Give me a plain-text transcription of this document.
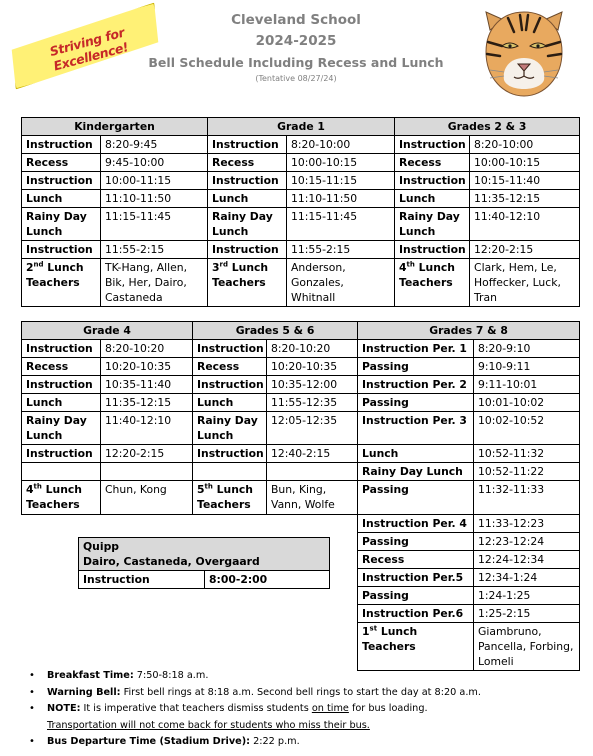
Striving for Excellence!
Cleveland School
2024-2025
Bell Schedule Including Recess and Lunch
(Tentative 08/27/24)
Kindergarten		Grade 1		Grades 2 & 3	
Instruction	8:20-9:45	Instruction	8:20-10:00	Instruction	8:20-10:00
Recess	9:45-10:00	Recess	10:00-10:15	Recess	10:00-10:15
Instruction	10:00-11:15	Instruction	10:15-11:15	Instruction	10:15-11:40
Lunch	11:10-11:50	Lunch	11:10-11:50	Lunch	11:35-12:15
Rainy Day Lunch	11:15-11:45	Rainy Day Lunch	11:15-11:45	Rainy Day Lunch	11:40-12:10
Instruction	11:55-2:15	Instruction	11:55-2:15	Instruction	12:20-2:15
2nd Lunch Teachers	TK-Hang, Allen, Bik, Her, Dairo, Castaneda	3rd Lunch Teachers	Anderson, Gonzales, Whitnall	4th Lunch Teachers	Clark, Hem, Le, Hoffecker, Luck, Tran
Grade 4		Grades 5 & 6		Grades 7 & 8	
Instruction	8:20-10:20	Instruction	8:20-10:20	Instruction Per. 1	8:20-9:10
Recess	10:20-10:35	Recess	10:20-10:35	Passing	9:10-9:11
Instruction	10:35-11:40	Instruction	10:35-12:00	Instruction Per. 2	9:11-10:01
Lunch	11:35-12:15	Lunch	11:55-12:35	Passing	10:01-10:02
Rainy Day Lunch	11:40-12:10	Rainy Day Lunch	12:05-12:35	Instruction Per. 3	10:02-10:52
Instruction	12:20-2:15	Instruction	12:40-2:15	Lunch	10:52-11:32
				Rainy Day Lunch	10:52-11:22
4th Lunch Teachers	Chun, Kong	5th Lunch Teachers	Bun, King, Vann, Wolfe	Passing	11:32-11:33
				Instruction Per. 4	11:33-12:23
				Passing	12:23-12:24
				Recess	12:24-12:34
				Instruction Per.5	12:34-1:24
				Passing	1:24-1:25
				Instruction Per.6	1:25-2:15
				1st Lunch Teachers	Giambruno, Pancella, Forbing, Lomeli
Quipp
Dairo, Castaneda, Overgaard

Instruction	8:00-2:00
• Breakfast Time: 7:50-8:18 a.m.
• Warning Bell: First bell rings at 8:18 a.m. Second bell rings to start the day at 8:20 a.m.
• NOTE: It is imperative that teachers dismiss students on time for bus loading.
Transportation will not come back for students who miss their bus.
• Bus Departure Time (Stadium Drive): 2:22 p.m.
